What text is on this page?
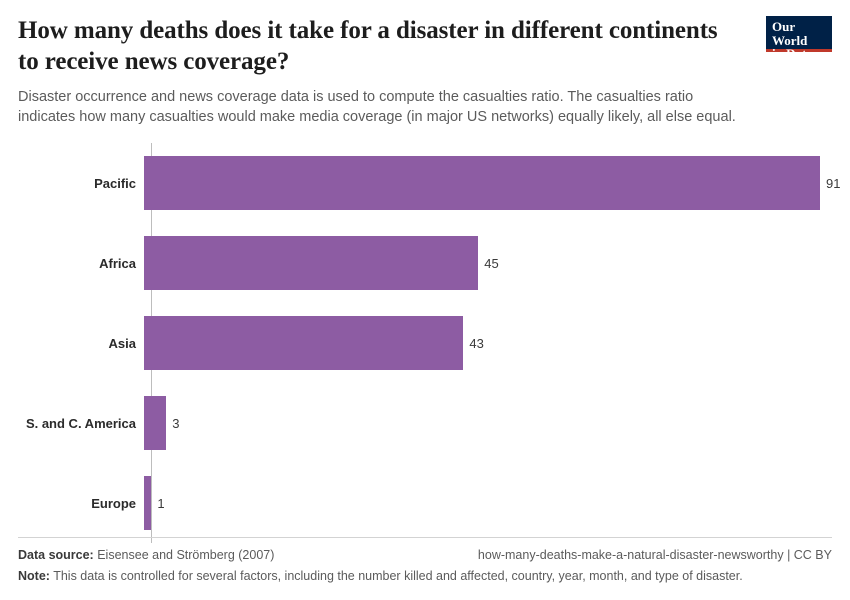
How many deaths does it take for a disaster in different continents to receive news coverage?

Disaster occurrence and news coverage data is used to compute the casualties ratio. The casualties ratio indicates how many casualties would make media coverage (in major US networks) equally likely, all else equal.

Our World
in Data
Pacific	91
Africa	45
Asia	43
S. and C. America	3
Europe	1
Data source: Eisensee and Strömberg (2007)	how-many-deaths-make-a-natural-disaster-newsworthy | CC BY
Note: This data is controlled for several factors, including the number killed and affected, country, year, month, and type of disaster.
